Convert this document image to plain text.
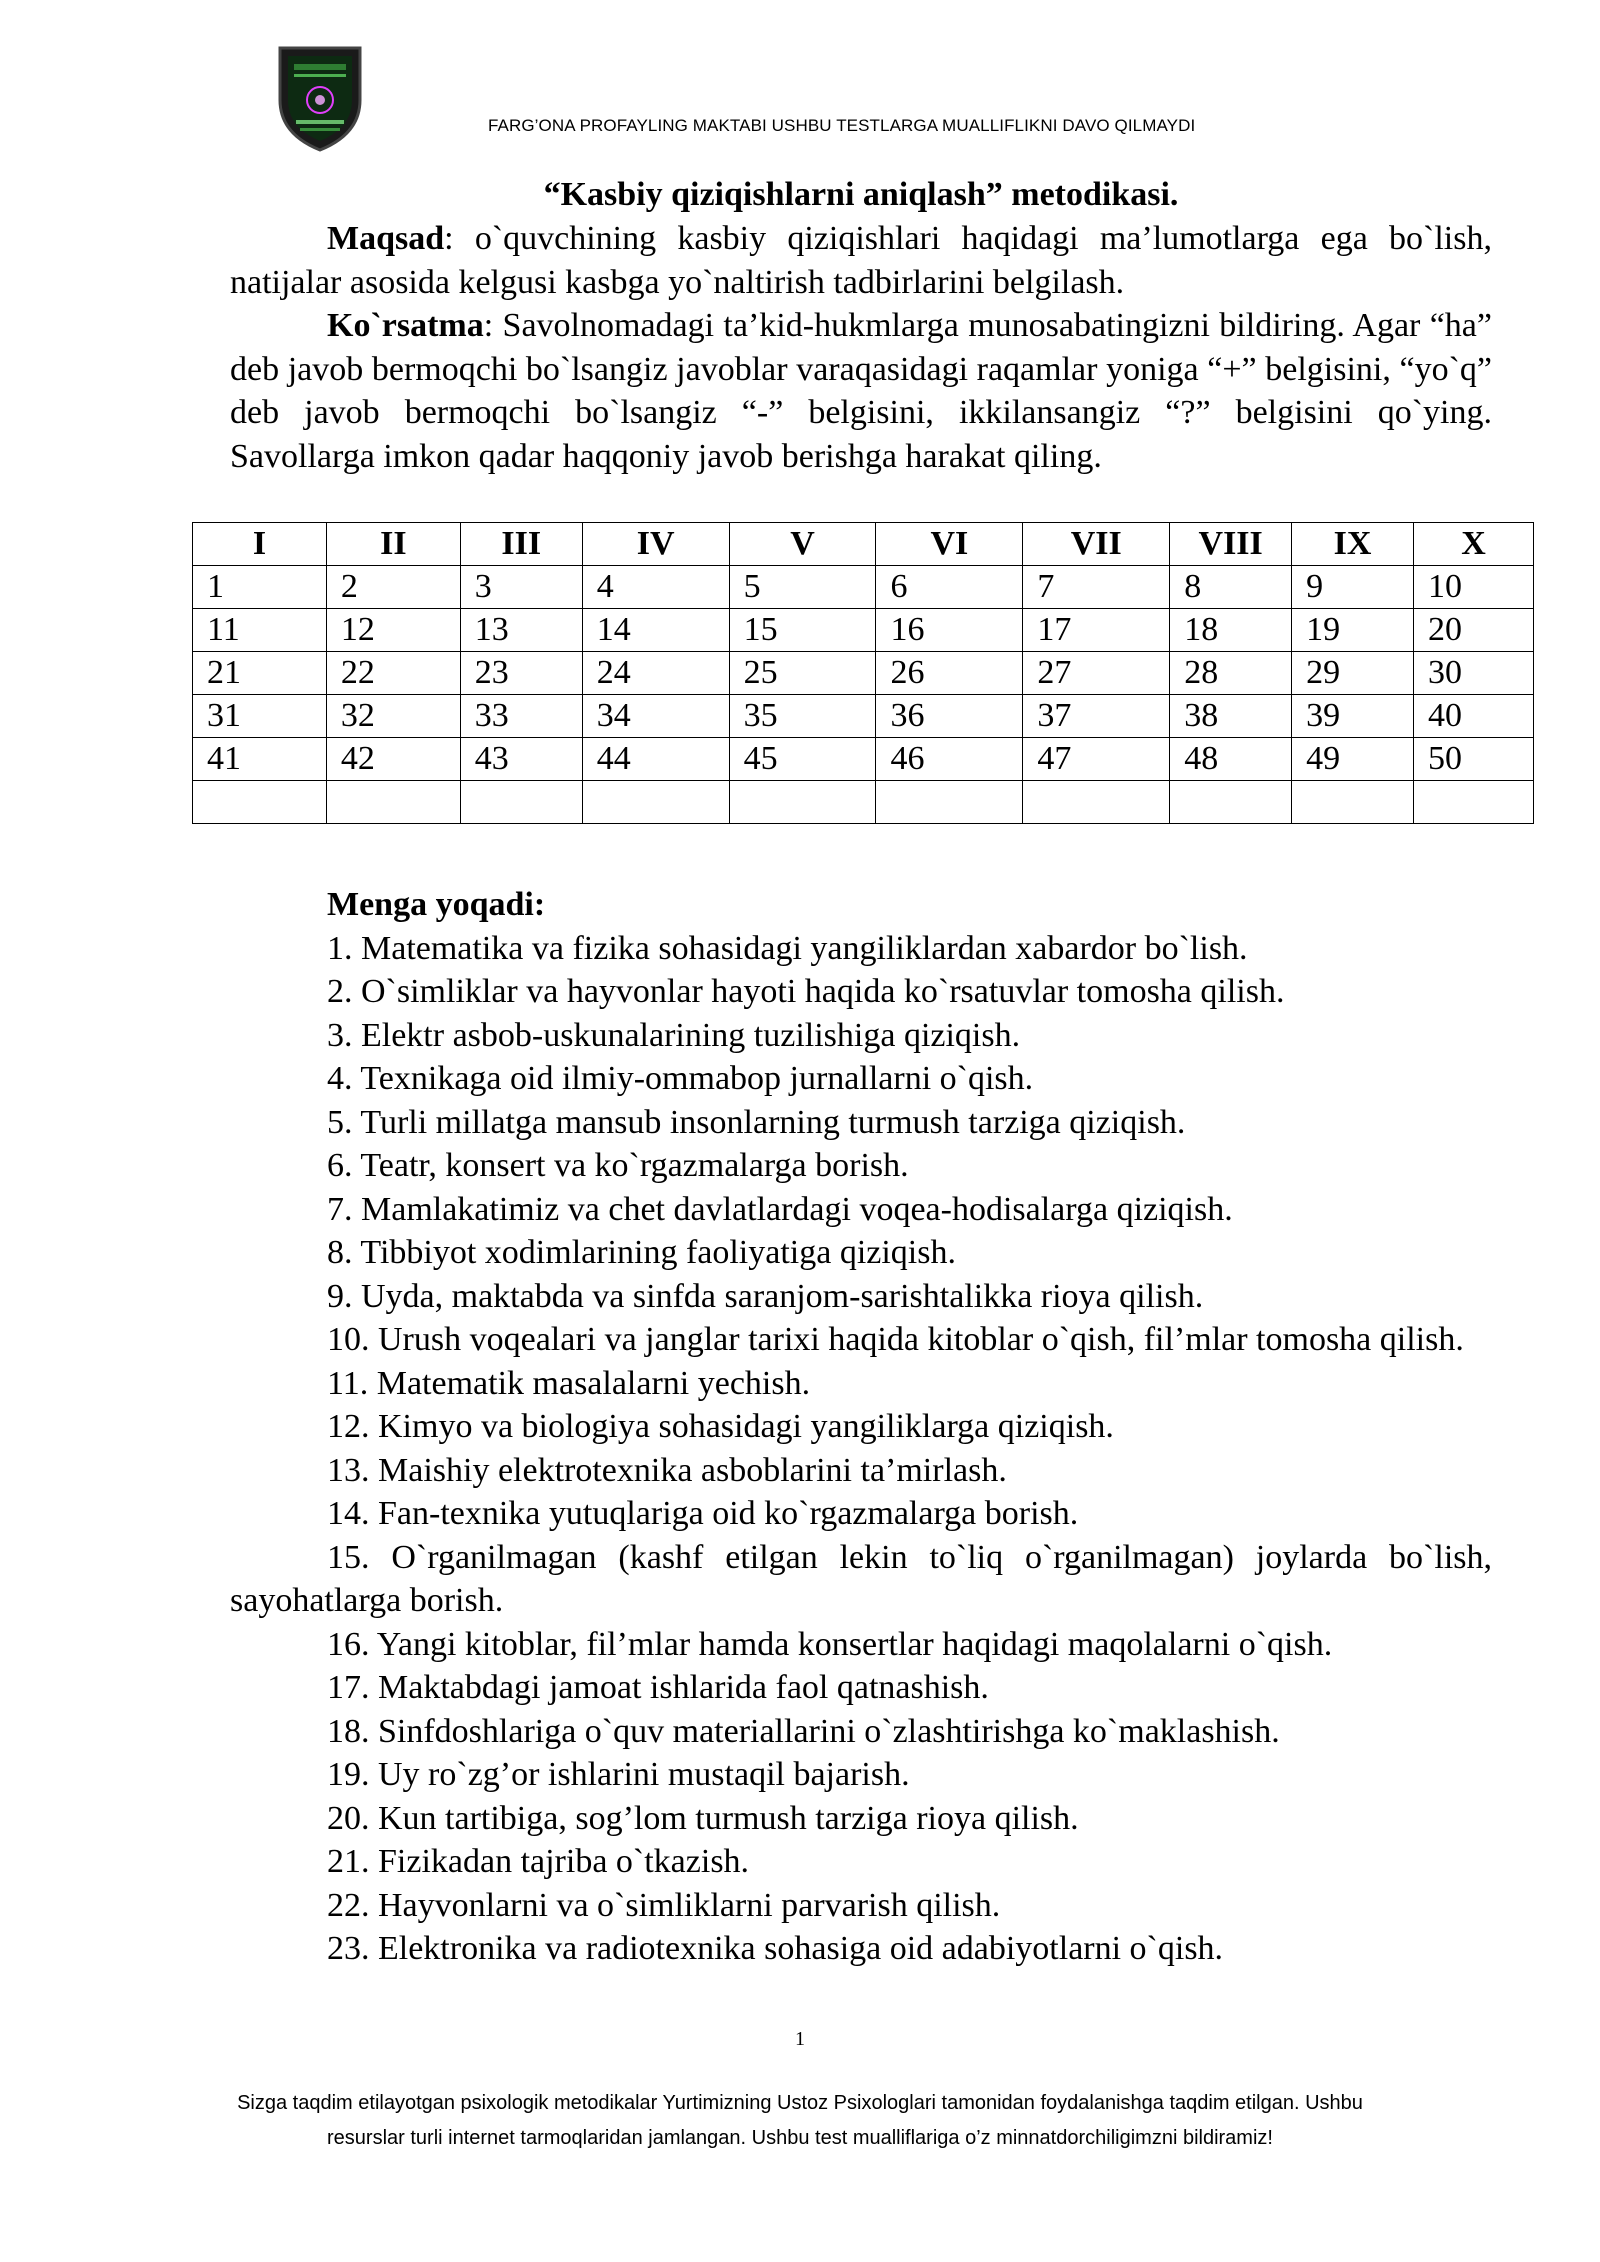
FARG’ONA PROFAYLING MAKTABI USHBU TESTLARGA MUALLIFLIKNI DAVO QILMAYDI
“Kasbiy qiziqishlarni aniqlash” metodikasi.

Maqsad: o`quvchining kasbiy qiziqishlari haqidagi ma’lumotlarga ega bo`lish, natijalar asosida kelgusi kasbga yo`naltirish tadbirlarini belgilash.

Ko`rsatma: Savolnomadagi ta’kid-hukmlarga munosabatingizni bildiring. Agar “ha” deb javob bermoqchi bo`lsangiz javoblar varaqasidagi raqamlar yoniga “+” belgisini, “yo`q” deb javob bermoqchi bo`lsangiz “-” belgisini, ikkilansangiz “?” belgisini qo`ying. Savollarga imkon qadar haqqoniy javob berishga harakat qiling.

I	II	III	IV	V	VI	VII	VIII	IX	X
1	2	3	4	5	6	7	8	9	10
11	12	13	14	15	16	17	18	19	20
21	22	23	24	25	26	27	28	29	30
31	32	33	34	35	36	37	38	39	40
41	42	43	44	45	46	47	48	49	50

Menga yoqadi:

1. Matematika va fizika sohasidagi yangiliklardan xabardor bo`lish.

2. O`simliklar va hayvonlar hayoti haqida ko`rsatuvlar tomosha qilish.

3. Elektr asbob-uskunalarining tuzilishiga qiziqish.

4. Texnikaga oid ilmiy-ommabop jurnallarni o`qish.

5. Turli millatga mansub insonlarning turmush tarziga qiziqish.

6. Teatr, konsert va ko`rgazmalarga borish.

7. Mamlakatimiz va chet davlatlardagi voqea-hodisalarga qiziqish.

8. Tibbiyot xodimlarining faoliyatiga qiziqish.

9. Uyda, maktabda va sinfda saranjom-sarishtalikka rioya qilish.

10. Urush voqealari va janglar tarixi haqida kitoblar o`qish, fil’mlar tomosha qilish.

11. Matematik masalalarni yechish.

12. Kimyo va biologiya sohasidagi yangiliklarga qiziqish.

13. Maishiy elektrotexnika asboblarini ta’mirlash.

14. Fan-texnika yutuqlariga oid ko`rgazmalarga borish.

15. O`rganilmagan (kashf etilgan lekin to`liq o`rganilmagan) joylarda bo`lish, sayohatlarga borish.

16. Yangi kitoblar, fil’mlar hamda konsertlar haqidagi maqolalarni o`qish.

17. Maktabdagi jamoat ishlarida faol qatnashish.

18. Sinfdoshlariga o`quv materiallarini o`zlashtirishga ko`maklashish.

19. Uy ro`zg’or ishlarini mustaqil bajarish.

20. Kun tartibiga, sog’lom turmush tarziga rioya qilish.

21. Fizikadan tajriba o`tkazish.

22. Hayvonlarni va o`simliklarni parvarish qilish.

23. Elektronika va radiotexnika sohasiga oid adabiyotlarni o`qish.

1
Sizga taqdim etilayotgan psixologik metodikalar Yurtimizning Ustoz Psixologlari tamonidan foydalanishga taqdim etilgan. Ushbu
resurslar turli internet tarmoqlaridan jamlangan. Ushbu test mualliflariga o’z minnatdorchiligimzni bildiramiz!
